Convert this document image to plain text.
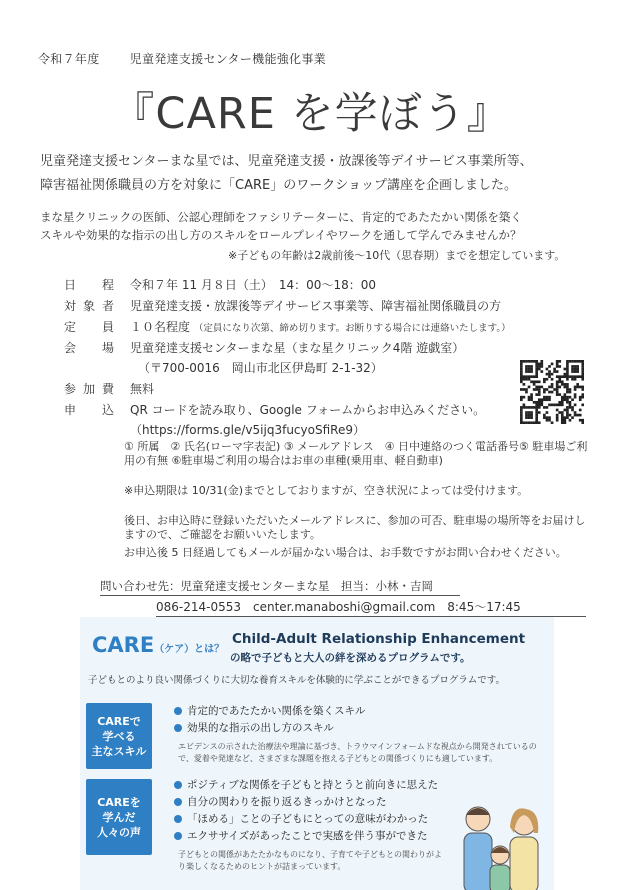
令和７年度	児童発達支援センター機能強化事業
『CARE を学ぼう』
児童発達支援センターまな星では、児童発達支援・放課後等デイサービス事業所等、
障害福祉関係職員の方を対象に「CARE」のワークショップ講座を企画しました。
まな星クリニックの医師、公認心理師をファシリテーターに、肯定的であたたかい関係を築く
スキルや効果的な指示の出し方のスキルをロールプレイやワークを通して学んでみませんか？
※子どもの年齢は2歳前後～10代（思春期）までを想定しています。
日　程 令和７年 11 月８日（土）　14：00～18：00
対象者 児童発達支援・放課後等デイサービス事業等、障害福祉関係職員の方
定　員 １０名程度 （定員になり次第、締め切ります。お断りする場合には連絡いたします。）
会　場 児童発達支援センターまな星（まな星クリニック4階 遊戯室）
（〒700-0016　岡山市北区伊島町 2-1-32）
参加費 無料
申　込 QR コードを読み取り、Google フォームからお申込みください。
（https://forms.gle/v5ijq3fucyoSfiRe9）
① 所属　② 氏名(ローマ字表記) ③ メールアドレス　④ 日中連絡のつく電話番号⑤ 駐車場ご利用の有無 ⑥駐車場ご利用の場合はお車の車種(乗用車、軽自動車)
※申込期限は 10/31(金)までとしておりますが、空き状況によっては受付けます。
後日、お申込時に登録いただいたメールアドレスに、参加の可否、駐車場の場所等をお届けしますので、ご確認をお願いいたします。
お申込後 5 日経過してもメールが届かない場合は、お手数ですがお問い合わせください。
問い合わせ先：児童発達支援センターまな星　担当：小林・吉岡
086-214-0553　center.manaboshi@gmail.com　8:45～17:45
CARE（ケア）とは？
Child-Adult Relationship Enhancement
の略で子どもと大人の絆を深めるプログラムです。
子どもとのより良い関係づくりに大切な養育スキルを体験的に学ぶことができるプログラムです。
CAREで
学べる
主なスキル
肯定的であたたかい関係を築くスキル
効果的な指示の出し方のスキル
エビデンスの示された治療法や理論に基づき、トラウマインフォームドな視点から開発されているので、愛着や発達など、さまざまな課題を抱える子どもとの関係づくりにも適しています。
CAREを
学んだ
人々の声
ポジティブな関係を子どもと持とうと前向きに思えた
自分の関わりを振り返るきっかけとなった
「ほめる」ことの子どもにとっての意味がわかった
エクササイズがあったことで実感を伴う事ができた
子どもとの関係があたたかなものになり、子育てや子どもとの関わりがより楽しくなるためのヒントが詰まっています。
